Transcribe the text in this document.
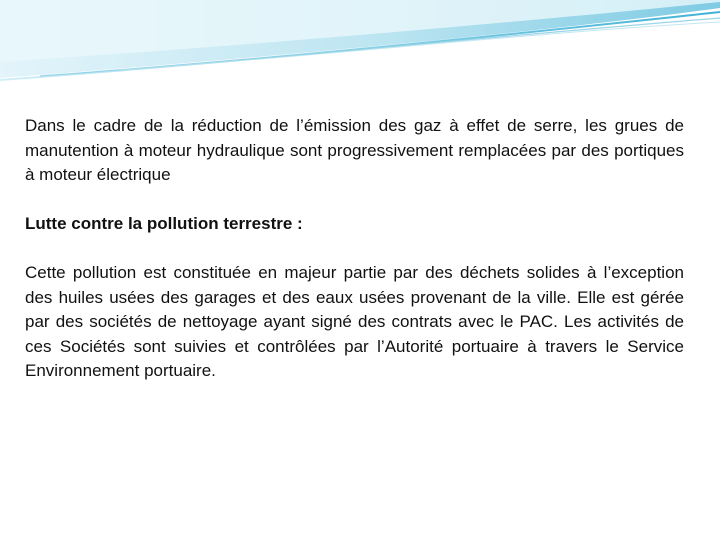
Dans le cadre de la réduction de l’émission des gaz à effet de serre, les grues de manutention à moteur hydraulique sont progressivement remplacées par des portiques à moteur électrique

Lutte contre la pollution terrestre :

Cette pollution est constituée en majeur partie par des déchets solides à l’exception des huiles usées des garages et des eaux usées provenant de la ville. Elle est gérée par des sociétés de nettoyage ayant signé des contrats avec le PAC. Les activités de ces Sociétés sont suivies et contrôlées par l’Autorité portuaire à travers le Service Environnement portuaire.
